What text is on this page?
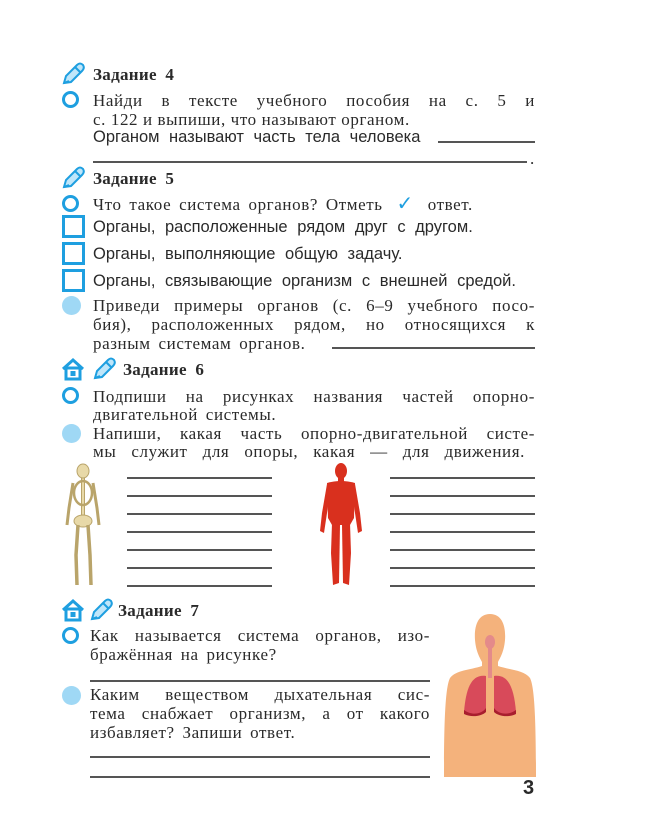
Задание 4
Найди в тексте учебного пособия на с. 5 и
с. 122 и выпиши, что называют органом.
Органом называют часть тела человека
.
Задание 5
Что такое система органов? Отметь ✓ ответ.
Органы, расположенные рядом друг с другом.
Органы, выполняющие общую задачу.
Органы, связывающие организм с внешней средой.
Приведи примеры органов (с. 6–9 учебного посо-
бия), расположенных рядом, но относящихся к
разным системам органов.
Задание 6
Подпиши на рисунках названия частей опорно-
двигательной системы.
Напиши, какая часть опорно-двигательной систе-
мы служит для опоры, какая — для движения.
Задание 7
Как называется система органов, изо-
бражённая на рисунке?
Каким веществом дыхательная сис-
тема снабжает организм, а от какого
избавляет? Запиши ответ.
3
